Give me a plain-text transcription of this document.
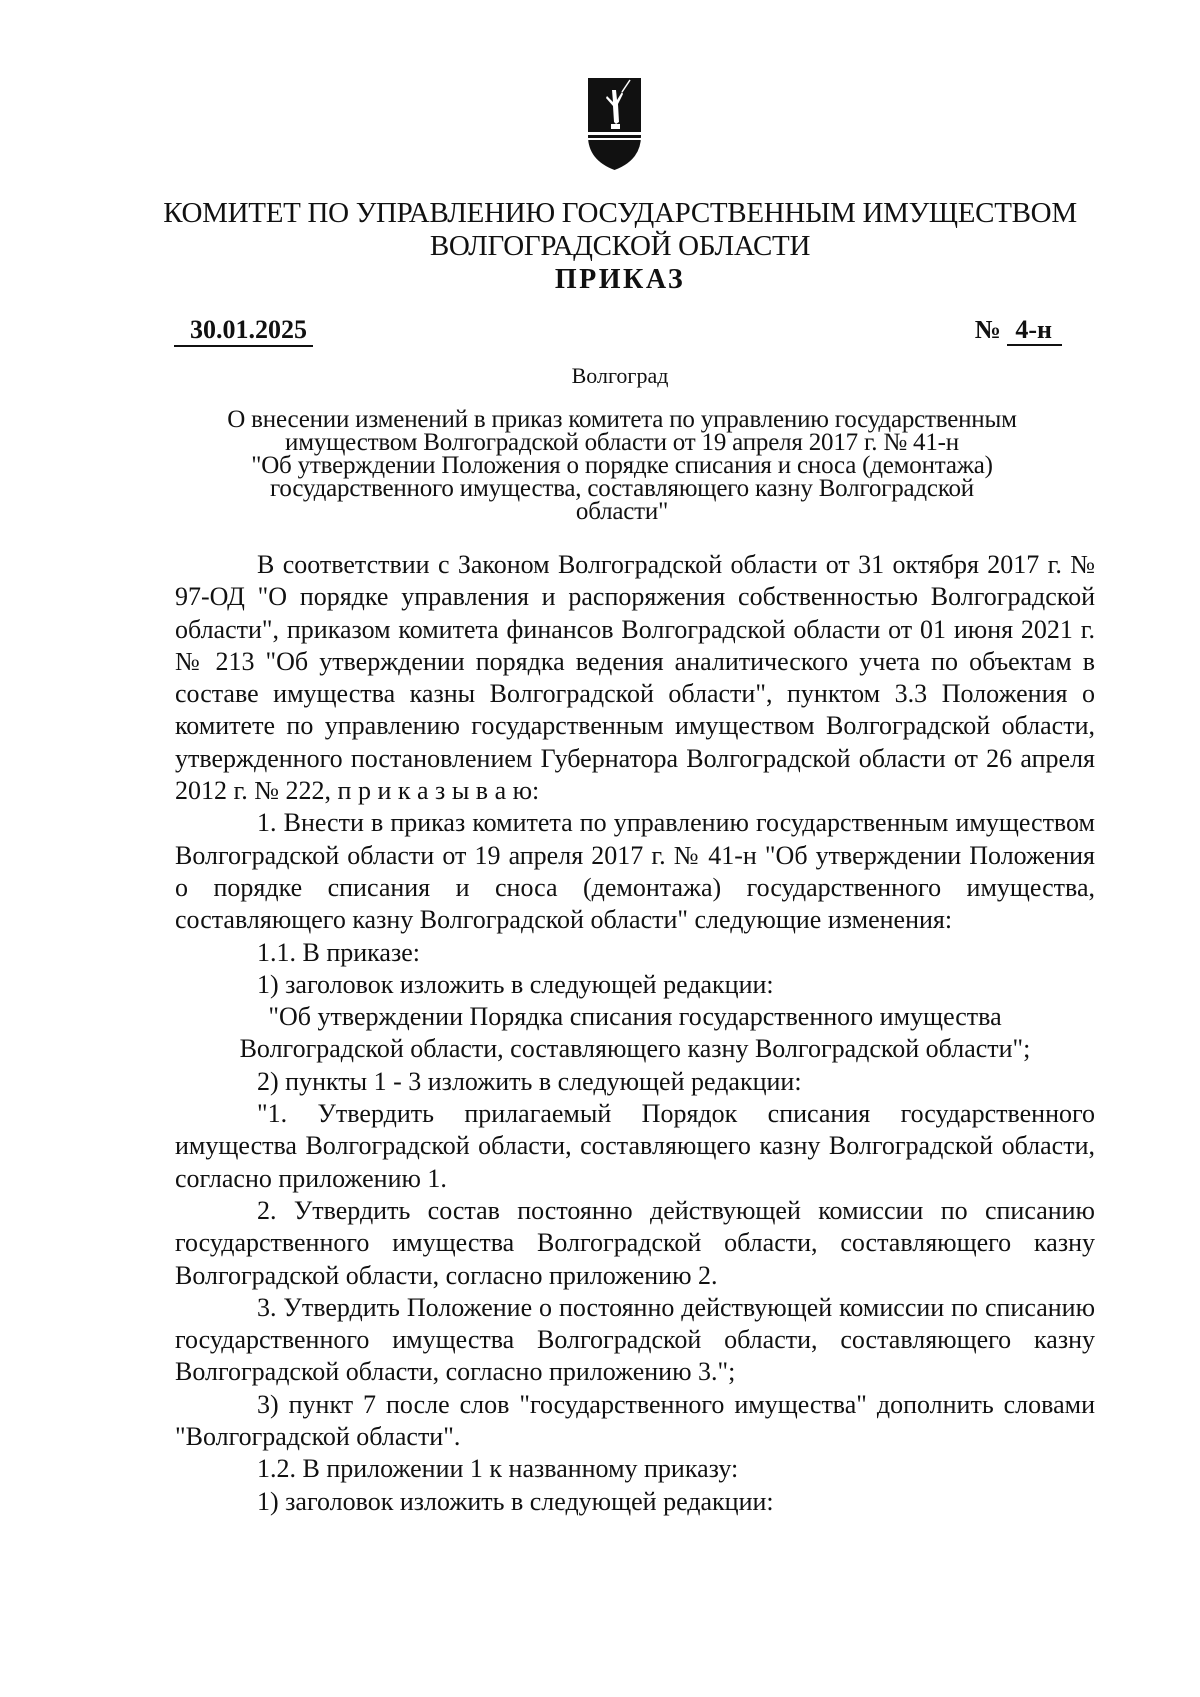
КОМИТЕТ ПО УПРАВЛЕНИЮ ГОСУДАРСТВЕННЫМ ИМУЩЕСТВОМ
ВОЛГОГРАДСКОЙ ОБЛАСТИ
ПРИКАЗ
30.01.2025	№ 4-н
Волгоград
О внесении изменений в приказ комитета по управлению государственным
имуществом Волгоградской области от 19 апреля 2017 г. № 41-н
"Об утверждении Положения о порядке списания и сноса (демонтажа)
государственного имущества, составляющего казну Волгоградской
области"

В соответствии с Законом Волгоградской области от 31 октября 2017 г. № 97-ОД "О порядке управления и распоряжения собственностью Волгоградской области", приказом комитета финансов Волгоградской области от 01 июня 2021 г. № 213 "Об утверждении порядка ведения аналитического учета по объектам в составе имущества казны Волгоградской области", пунктом 3.3 Положения о комитете по управлению государственным имуществом Волгоградской области, утвержденного постановлением Губернатора Волгоградской области от 26 апреля 2012 г. № 222, п р и к а з ы в а ю:

1. Внести в приказ комитета по управлению государственным имуществом Волгоградской области от 19 апреля 2017 г. № 41-н "Об утверждении Положения о порядке списания и сноса (демонтажа) государственного имущества, составляющего казну Волгоградской области" следующие изменения:

1.1. В приказе:

1) заголовок изложить в следующей редакции:

"Об утверждении Порядка списания государственного имущества

Волгоградской области, составляющего казну Волгоградской области";

2) пункты 1 - 3 изложить в следующей редакции:

"1. Утвердить прилагаемый Порядок списания государственного имущества Волгоградской области, составляющего казну Волгоградской области, согласно приложению 1.

2. Утвердить состав постоянно действующей комиссии по списанию государственного имущества Волгоградской области, составляющего казну Волгоградской области, согласно приложению 2.

3. Утвердить Положение о постоянно действующей комиссии по списанию государственного имущества Волгоградской области, составляющего казну Волгоградской области, согласно приложению 3.";

3) пункт 7 после слов "государственного имущества" дополнить словами "Волгоградской области".

1.2. В приложении 1 к названному приказу:

1) заголовок изложить в следующей редакции:
